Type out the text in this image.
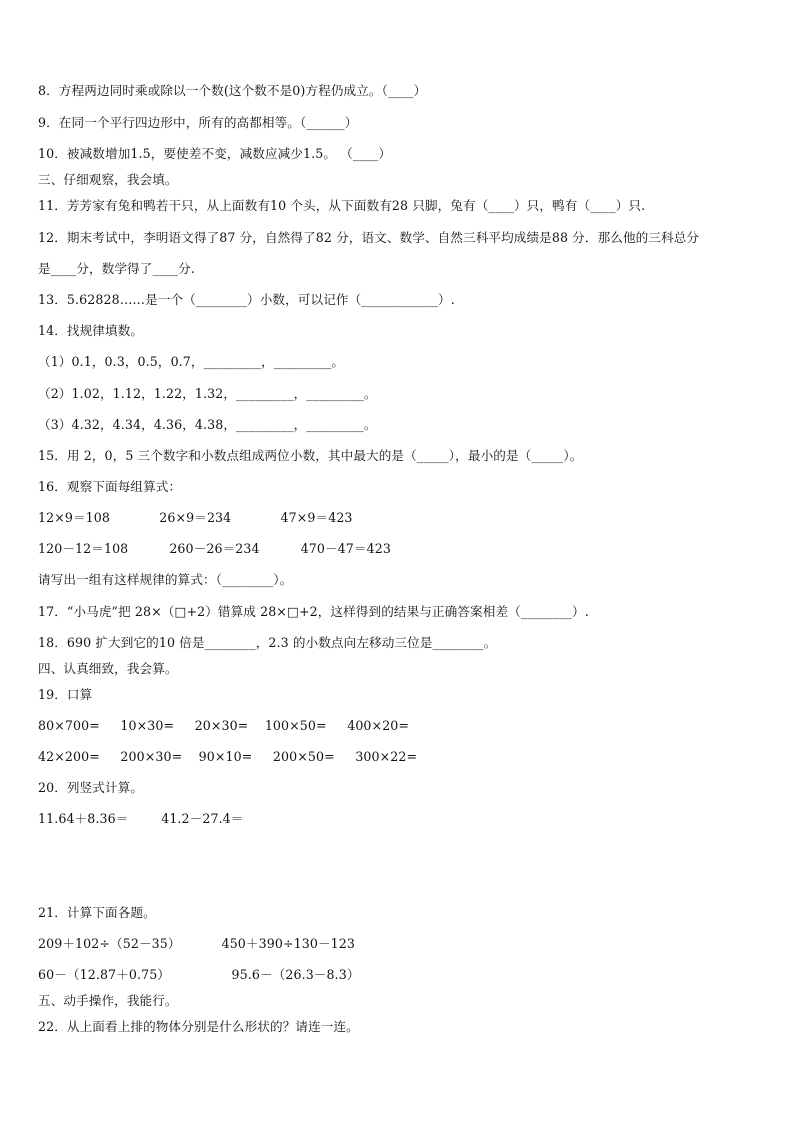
8．方程两边同时乘或除以一个数(这个数不是0)方程仍成立。（____）

9．在同一个平行四边形中，所有的高都相等。（______）

10．被减数增加1.5，要使差不变，减数应减少1.5。 （____）

三、仔细观察，我会填。

11．芳芳家有兔和鸭若干只，从上面数有10 个头，从下面数有28 只脚，兔有（____）只，鸭有（____）只.

12．期末考试中，李明语文得了87 分，自然得了82 分，语文、数学、自然三科平均成绩是88 分．那么他的三科总分

是____分，数学得了____分.

13．5.62828……是一个（________）小数，可以记作（____________）.

14．找规律填数。

（1）0.1，0.3，0.5，0.7，_________，_________。

（2）1.02，1.12，1.22，1.32，_________，_________。

（3）4.32，4.34，4.36，4.38，_________，_________。

15．用 2，0，5 三个数字和小数点组成两位小数，其中最大的是（_____），最小的是（_____）。

16．观察下面每组算式：

12×9＝108            26×9＝234            47×9＝423

120－12＝108          260－26＝234          470－47＝423

请写出一组有这样规律的算式：（________）。

17．“小马虎”把 28×（□+2）错算成 28×□+2，这样得到的结果与正确答案相差（________）.

18．690 扩大到它的10 倍是________，2.3 的小数点向左移动三位是________。

四、认真细致，我会算。

19．口算

80×700=     10×30=     20×30=    100×50=     400×20=

42×200=     200×30=    90×10=     200×50=     300×22=

20．列竖式计算。

11.64＋8.36＝        41.2－27.4＝

21．计算下面各题。

209＋102÷（52－35）          450＋390÷130－123

60－（12.87＋0.75）               95.6－（26.3－8.3）

五、动手操作，我能行。

22．从上面看上排的物体分别是什么形状的？请连一连。
